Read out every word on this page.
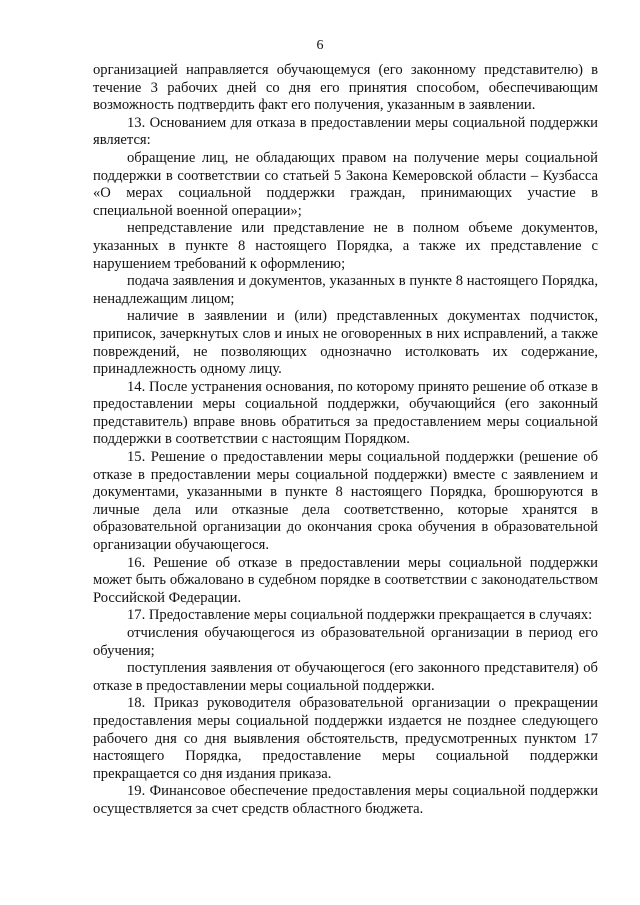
6

организацией направляется обучающемуся (его законному представителю) в течение 3 рабочих дней со дня его принятия способом, обеспечивающим возможность подтвердить факт его получения, указанным в заявлении.

13. Основанием для отказа в предоставлении меры социальной поддержки является:

обращение лиц, не обладающих правом на получение меры социальной поддержки в соответствии со статьей 5 Закона Кемеровской области – Кузбасса «О мерах социальной поддержки граждан, принимающих участие в специальной военной операции»;

непредставление или представление не в полном объеме документов, указанных в пункте 8 настоящего Порядка, а также их представление с нарушением требований к оформлению;

подача заявления и документов, указанных в пункте 8 настоящего Порядка, ненадлежащим лицом;

наличие в заявлении и (или) представленных документах подчисток, приписок, зачеркнутых слов и иных не оговоренных в них исправлений, а также повреждений, не позволяющих однозначно истолковать их содержание, принадлежность одному лицу.

14. После устранения основания, по которому принято решение об отказе в предоставлении меры социальной поддержки, обучающийся (его законный представитель) вправе вновь обратиться за предоставлением меры социальной поддержки в соответствии с настоящим Порядком.

15. Решение о предоставлении меры социальной поддержки (решение об отказе в предоставлении меры социальной поддержки) вместе с заявлением и документами, указанными в пункте 8 настоящего Порядка, брошюруются в личные дела или отказные дела соответственно, которые хранятся в образовательной организации до окончания срока обучения в образовательной организации обучающегося.

16. Решение об отказе в предоставлении меры социальной поддержки может быть обжаловано в судебном порядке в соответствии с законодательством Российской Федерации.

17. Предоставление меры социальной поддержки прекращается в случаях:

отчисления обучающегося из образовательной организации в период его обучения;

поступления заявления от обучающегося (его законного представителя) об отказе в предоставлении меры социальной поддержки.

18. Приказ руководителя образовательной организации о прекращении предоставления меры социальной поддержки издается не позднее следующего рабочего дня со дня выявления обстоятельств, предусмотренных пунктом 17 настоящего Порядка, предоставление меры социальной поддержки прекращается со дня издания приказа.

19. Финансовое обеспечение предоставления меры социальной поддержки осуществляется за счет средств областного бюджета.
